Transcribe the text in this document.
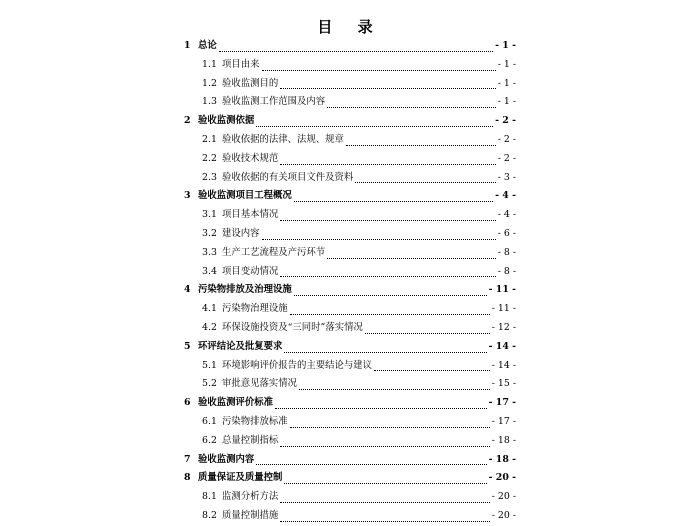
目 录
1 总论	- 1 -
1.1 项目由来	- 1 -
1.2 验收监测目的	- 1 -
1.3 验收监测工作范围及内容	- 1 -
2 验收监测依据	- 2 -
2.1 验收依据的法律、法规、规章	- 2 -
2.2 验收技术规范	- 2 -
2.3 验收依据的有关项目文件及资料	- 3 -
3 验收监测项目工程概况	- 4 -
3.1 项目基本情况	- 4 -
3.2 建设内容	- 6 -
3.3 生产工艺流程及产污环节	- 8 -
3.4 项目变动情况	- 8 -
4 污染物排放及治理设施	- 11 -
4.1 污染物治理设施	- 11 -
4.2 环保设施投资及“三同时”落实情况	- 12 -
5 环评结论及批复要求	- 14 -
5.1 环境影响评价报告的主要结论与建议	- 14 -
5.2 审批意见落实情况	- 15 -
6 验收监测评价标准	- 17 -
6.1 污染物排放标准	- 17 -
6.2 总量控制指标	- 18 -
7 验收监测内容	- 18 -
8 质量保证及质量控制	- 20 -
8.1 监测分析方法	- 20 -
8.2 质量控制措施	- 20 -
